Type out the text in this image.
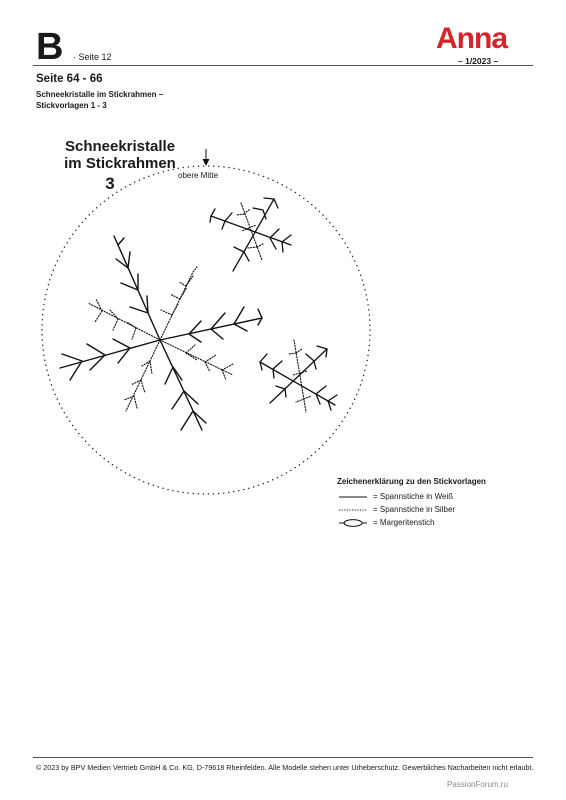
B · Seite 12
Anna
– 1/2023 –
Seite 64 - 66
Schneekristalle im Stickrahmen –
Stickvorlagen 1 - 3
Schneekristalle
im Stickrahmen
3	obere Mitte
Zeichenerklärung zu den Stickvorlagen
= Spannstiche in Weiß
= Spannstiche in Silber
= Margeritenstich
© 2023 by BPV Medien Vertrieb GmbH & Co. KG, D-79618 Rheinfelden. Alle Modelle stehen unter Urheberschutz. Gewerbliches Nacharbeiten nicht erlaubt.
PassionForum.ru
